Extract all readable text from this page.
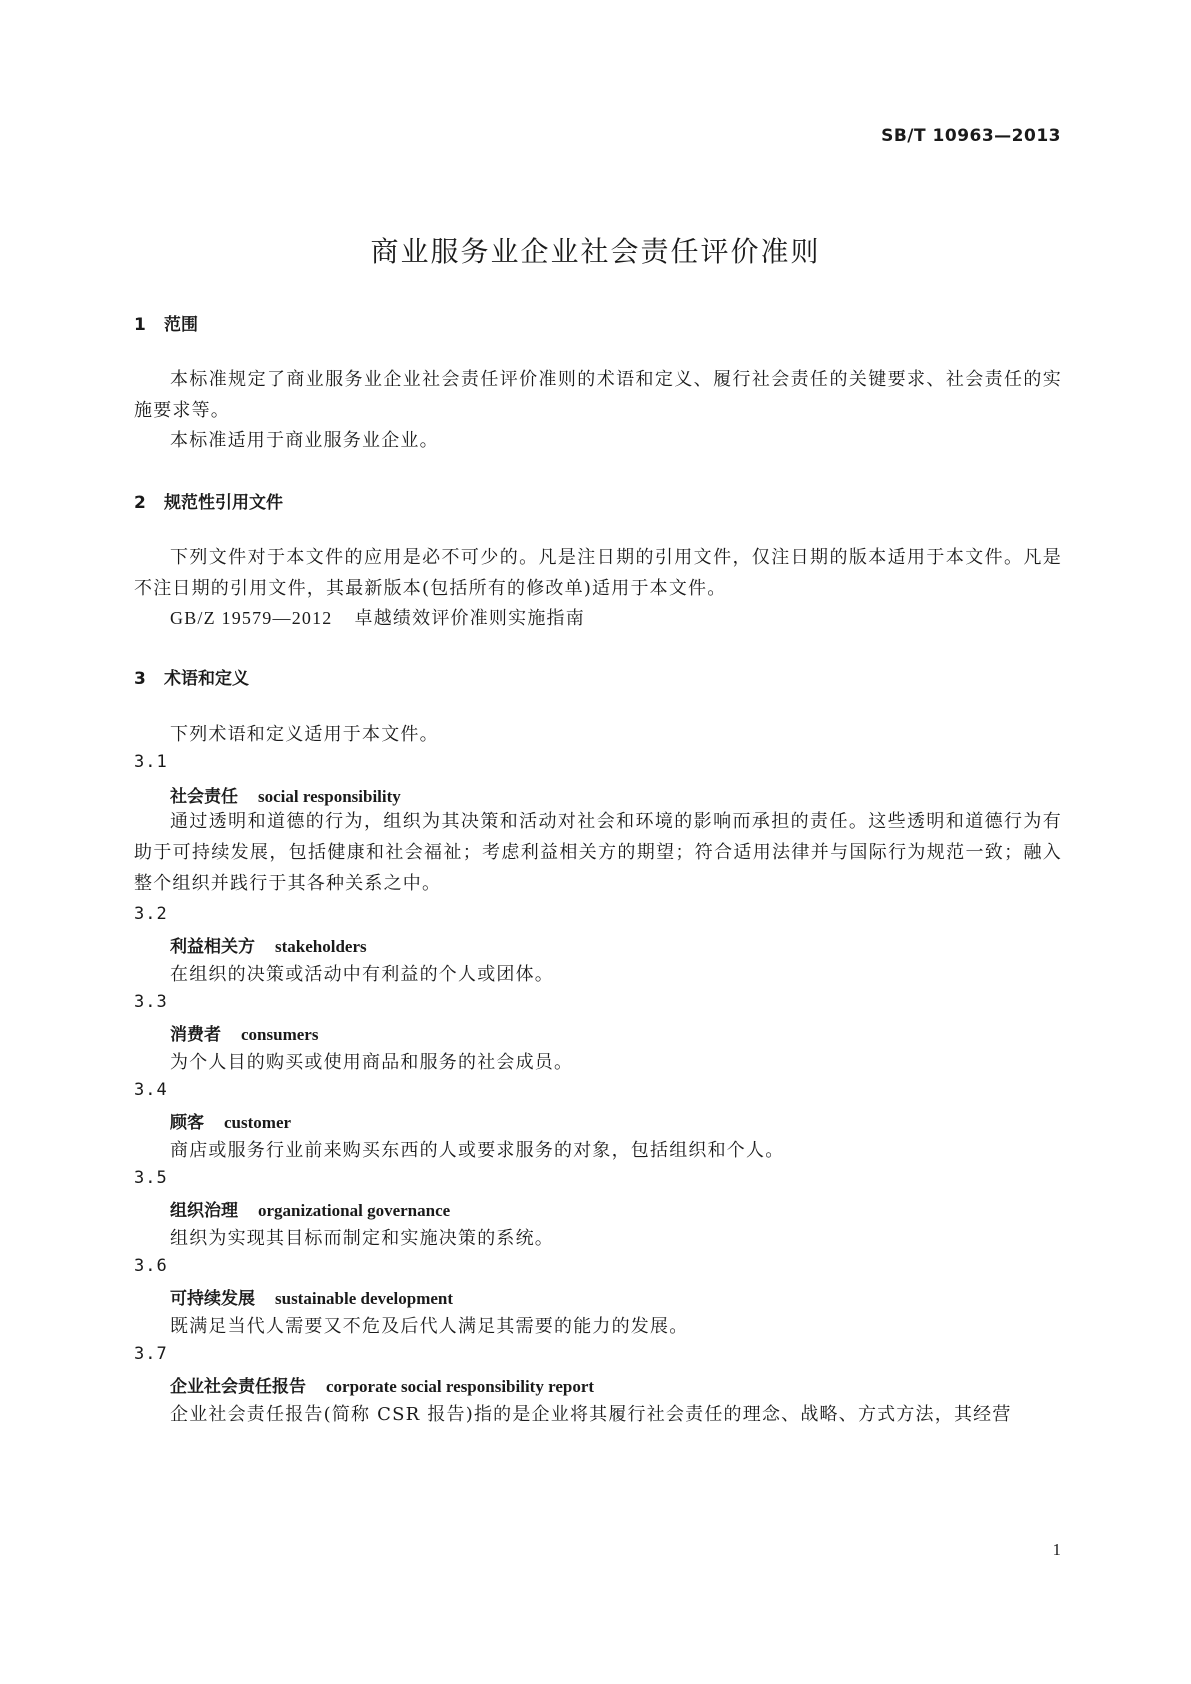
SB/T 10963—2013
商业服务业企业社会责任评价准则
1 范围
本标准规定了商业服务业企业社会责任评价准则的术语和定义、履行社会责任的关键要求、社会责任的实施要求等。
本标准适用于商业服务业企业。
2 规范性引用文件
下列文件对于本文件的应用是必不可少的。凡是注日期的引用文件，仅注日期的版本适用于本文件。凡是不注日期的引用文件，其最新版本(包括所有的修改单)适用于本文件。
GB/Z 19579—2012 卓越绩效评价准则实施指南
3 术语和定义
下列术语和定义适用于本文件。
3.1
社会责任 social responsibility
通过透明和道德的行为，组织为其决策和活动对社会和环境的影响而承担的责任。这些透明和道德行为有助于可持续发展，包括健康和社会福祉；考虑利益相关方的期望；符合适用法律并与国际行为规范一致；融入整个组织并践行于其各种关系之中。
3.2
利益相关方 stakeholders
在组织的决策或活动中有利益的个人或团体。
3.3
消费者 consumers
为个人目的购买或使用商品和服务的社会成员。
3.4
顾客 customer
商店或服务行业前来购买东西的人或要求服务的对象，包括组织和个人。
3.5
组织治理 organizational governance
组织为实现其目标而制定和实施决策的系统。
3.6
可持续发展 sustainable development
既满足当代人需要又不危及后代人满足其需要的能力的发展。
3.7
企业社会责任报告 corporate social responsibility report
企业社会责任报告(简称 CSR 报告)指的是企业将其履行社会责任的理念、战略、方式方法，其经营
1
